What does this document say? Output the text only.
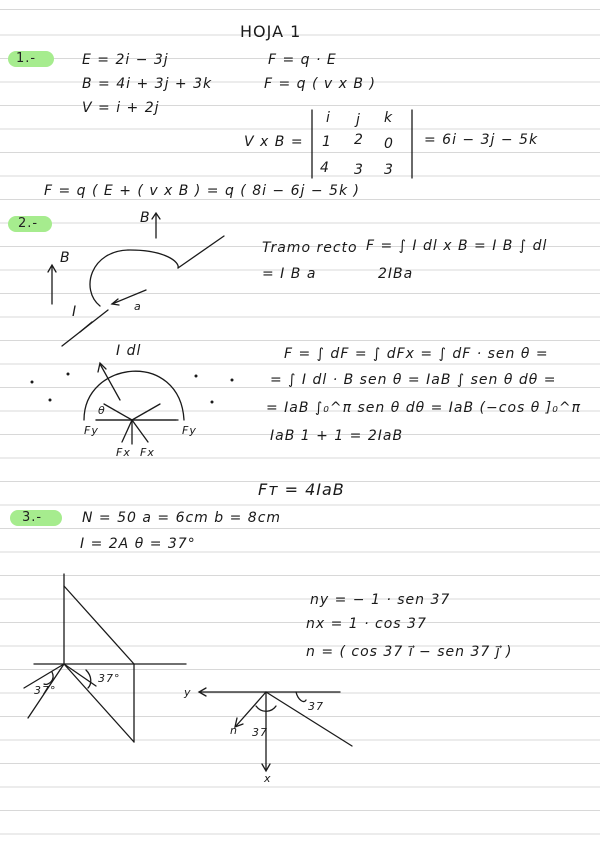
HOJA 1
1.-	E = 2i − 3j
B = 4i + 3j + 3k
V = i + 2j
F = q · E
F = q ( v x B )
V x B =
i j k
1 2 0
4 3 3
= 6i − 3j − 5k
F = q ( E + ( v x B ) = q ( 8i − 6j − 5k )
2.-	B
B
I	a
Tramo recto F = ∫ I dl x B = I B ∫ dl
= I B a	2IBa
I dl
θ
Fy	Fy
Fx Fx
F = ∫ dF = ∫ dFx = ∫ dF · sen θ =
= ∫ I dl · B sen θ = IaB ∫ sen θ dθ =
= IaB ∫₀^π sen θ dθ = IaB (−cos θ ]₀^π
IaB 1 + 1 = 2IaB
Fт = 4IaB
3.-	N = 50 a = 6cm b = 8cm
I = 2A θ = 37°
37°
37°
ny = − 1 · sen 37
nx = 1 · cos 37
n = ( cos 37 i⃗ − sen 37 j⃗ )
y
x
n 37
37
